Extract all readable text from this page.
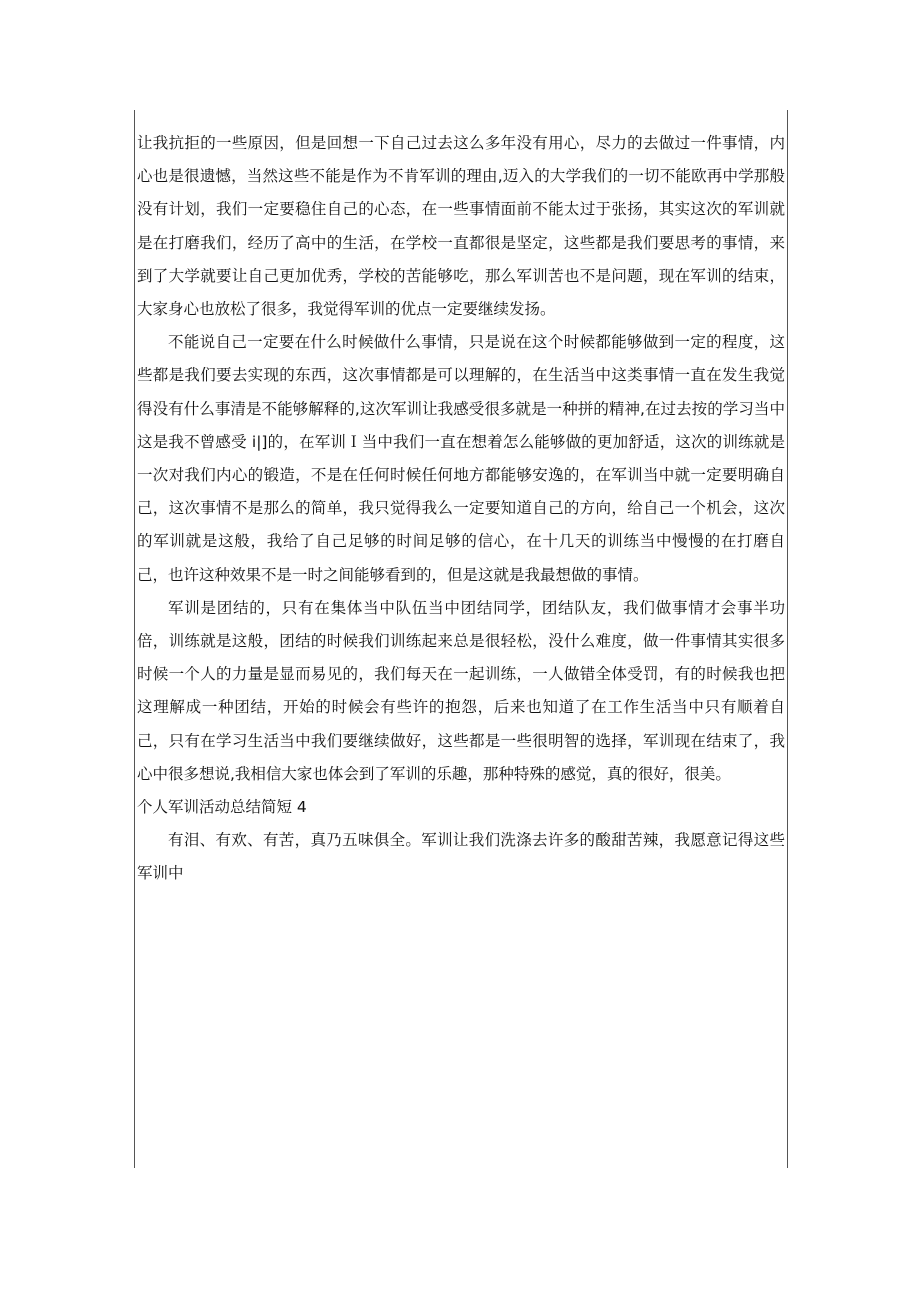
让我抗拒的一些原因，但是回想一下自己过去这么多年没有用心，尽力的去做过一件事情，内心也是很遗憾，当然这些不能是作为不肯军训的理由,迈入的大学我们的一切不能欧再中学那般没有计划，我们一定要稳住自己的心态，在一些事情面前不能太过于张扬，其实这次的军训就是在打磨我们，经历了高中的生活，在学校一直都很是坚定，这些都是我们要思考的事情，来到了大学就要让自己更加优秀，学校的苦能够吃，那么军训苦也不是问题，现在军训的结束，大家身心也放松了很多，我觉得军训的优点一定要继续发扬。

不能说自己一定要在什么时候做什么事情，只是说在这个时候都能够做到一定的程度，这些都是我们要去实现的东西，这次事情都是可以理解的，在生活当中这类事情一直在发生我觉得没有什么事清是不能够解释的,这次军训让我感受很多就是一种拼的精神,在过去按的学习当中这是我不曾感受 i|]的，在军训Ｉ当中我们一直在想着怎么能够做的更加舒适，这次的训练就是一次对我们内心的锻造，不是在任何时候任何地方都能够安逸的，在军训当中就一定要明确自己，这次事情不是那么的简单，我只觉得我么一定要知道自己的方向，给自己一个机会，这次的军训就是这般，我给了自己足够的时间足够的信心，在十几天的训练当中慢慢的在打磨自己，也许这种效果不是一时之间能够看到的，但是这就是我最想做的事情。

军训是团结的，只有在集体当中队伍当中团结同学，团结队友，我们做事情才会事半功倍，训练就是这般，团结的时候我们训练起来总是很轻松，没什么难度，做一件事情其实很多时候一个人的力量是显而易见的，我们每天在一起训练，一人做错全体受罚，有的时候我也把这理解成一种团结，开始的时候会有些许的抱怨，后来也知道了在工作生活当中只有顺着自己，只有在学习生活当中我们要继续做好，这些都是一些很明智的选择，军训现在结束了，我心中很多想说,我相信大家也体会到了军训的乐趣，那种特殊的感觉，真的很好，很美。

个人军训活动总结简短 4

有泪、有欢、有苦，真乃五味俱全。军训让我们洗涤去许多的酸甜苦辣，我愿意记得这些军训中
